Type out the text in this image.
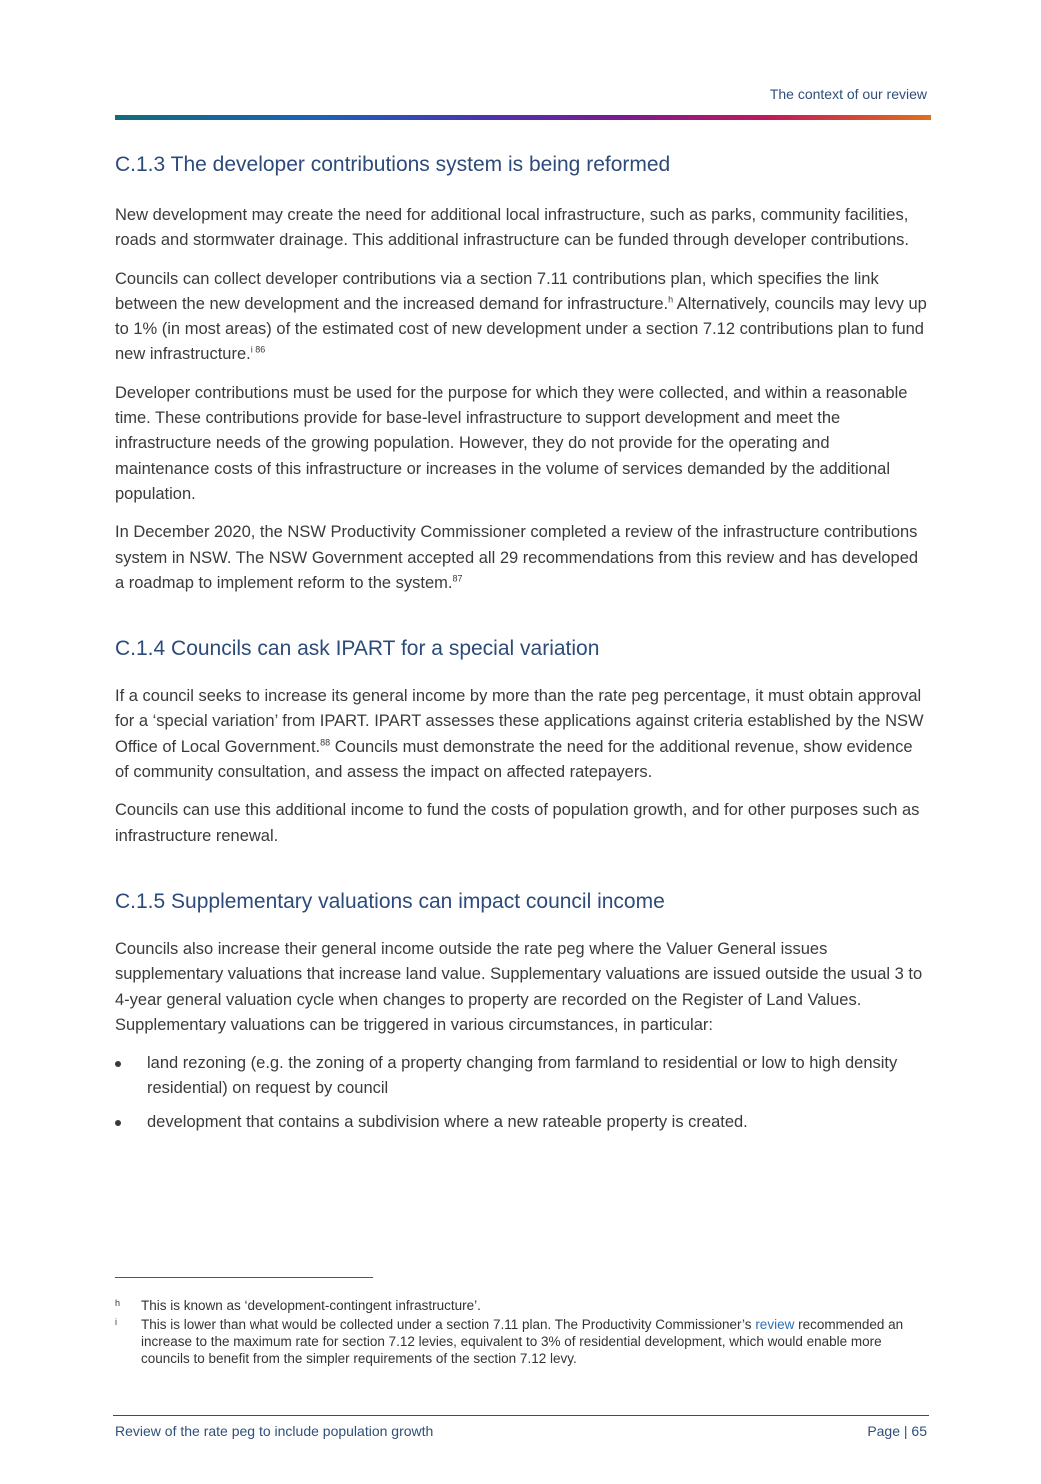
The context of our review
C.1.3 The developer contributions system is being reformed

New development may create the need for additional local infrastructure, such as parks, community facilities, roads and stormwater drainage. This additional infrastructure can be funded through developer contributions.

Councils can collect developer contributions via a section 7.11 contributions plan, which specifies the link between the new development and the increased demand for infrastructure.$^h$ Alternatively, councils may levy up to 1% (in most areas) of the estimated cost of new development under a section 7.12 contributions plan to fund new infrastructure.$^{i 86}$

Developer contributions must be used for the purpose for which they were collected, and within a reasonable time. These contributions provide for base-level infrastructure to support development and meet the infrastructure needs of the growing population. However, they do not provide for the operating and maintenance costs of this infrastructure or increases in the volume of services demanded by the additional population.

In December 2020, the NSW Productivity Commissioner completed a review of the infrastructure contributions system in NSW. The NSW Government accepted all 29 recommendations from this review and has developed a roadmap to implement reform to the system.$^{87}$

C.1.4 Councils can ask IPART for a special variation

If a council seeks to increase its general income by more than the rate peg percentage, it must obtain approval for a ‘special variation’ from IPART. IPART assesses these applications against criteria established by the NSW Office of Local Government.$^{88}$ Councils must demonstrate the need for the additional revenue, show evidence of community consultation, and assess the impact on affected ratepayers.

Councils can use this additional income to fund the costs of population growth, and for other purposes such as infrastructure renewal.

C.1.5 Supplementary valuations can impact council income

Councils also increase their general income outside the rate peg where the Valuer General issues supplementary valuations that increase land value. Supplementary valuations are issued outside the usual 3 to 4-year general valuation cycle when changes to property are recorded on the Register of Land Values. Supplementary valuations can be triggered in various circumstances, in particular:

land rezoning (e.g. the zoning of a property changing from farmland to residential or low to high density residential) on request by council
development that contains a subdivision where a new rateable property is created.
h This is known as ‘development-contingent infrastructure’.
i This is lower than what would be collected under a section 7.11 plan. The Productivity Commissioner’s review recommended an increase to the maximum rate for section 7.12 levies, equivalent to 3% of residential development, which would enable more councils to benefit from the simpler requirements of the section 7.12 levy.
Review of the rate peg to include population growth	Page | 65
